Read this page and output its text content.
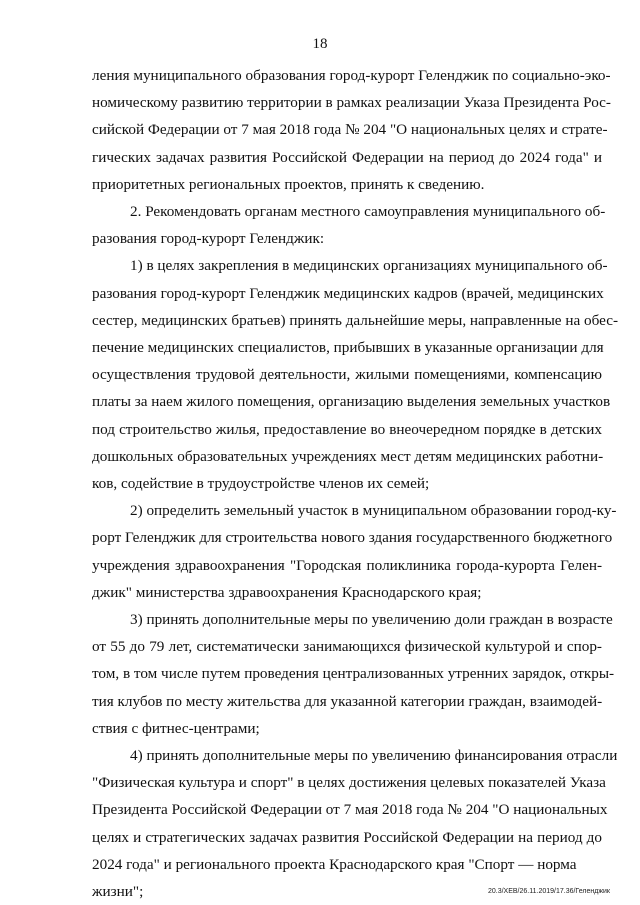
18
ления муниципального образования город-курорт Геленджик по социально-эко-
номическому развитию территории в рамках реализации Указа Президента Рос-
сийской Федерации от 7 мая 2018 года № 204 "О национальных целях и страте-
гических задачах развития Российской Федерации на период до 2024 года" и
приоритетных региональных проектов, принять к сведению.
2. Рекомендовать органам местного самоуправления муниципального об-
разования город-курорт Геленджик:
1) в целях закрепления в медицинских организациях муниципального об-
разования город-курорт Геленджик медицинских кадров (врачей, медицинских
сестер, медицинских братьев) принять дальнейшие меры, направленные на обес-
печение медицинских специалистов, прибывших в указанные организации для
осуществления трудовой деятельности, жилыми помещениями, компенсацию
платы за наем жилого помещения, организацию выделения земельных участков
под строительство жилья, предоставление во внеочередном порядке в детских
дошкольных образовательных учреждениях мест детям медицинских работни-
ков, содействие в трудоустройстве членов их семей;
2) определить земельный участок в муниципальном образовании город-ку-
рорт Геленджик для строительства нового здания государственного бюджетного
учреждения здравоохранения "Городская поликлиника города-курорта Гелен-
джик" министерства здравоохранения Краснодарского края;
3) принять дополнительные меры по увеличению доли граждан в возрасте
от 55 до 79 лет, систематически занимающихся физической культурой и спор-
том, в том числе путем проведения централизованных утренних зарядок, откры-
тия клубов по месту жительства для указанной категории граждан, взаимодей-
ствия с фитнес-центрами;
4) принять дополнительные меры по увеличению финансирования отрасли
"Физическая культура и спорт" в целях достижения целевых показателей Указа
Президента Российской Федерации от 7 мая 2018 года № 204 "О национальных
целях и стратегических задачах развития Российской Федерации на период до
20.3/ХЕВ/26.11.2019/17.36/Геленджик
2024 года" и регионального проекта Краснодарского края "Спорт — норма
жизни";
